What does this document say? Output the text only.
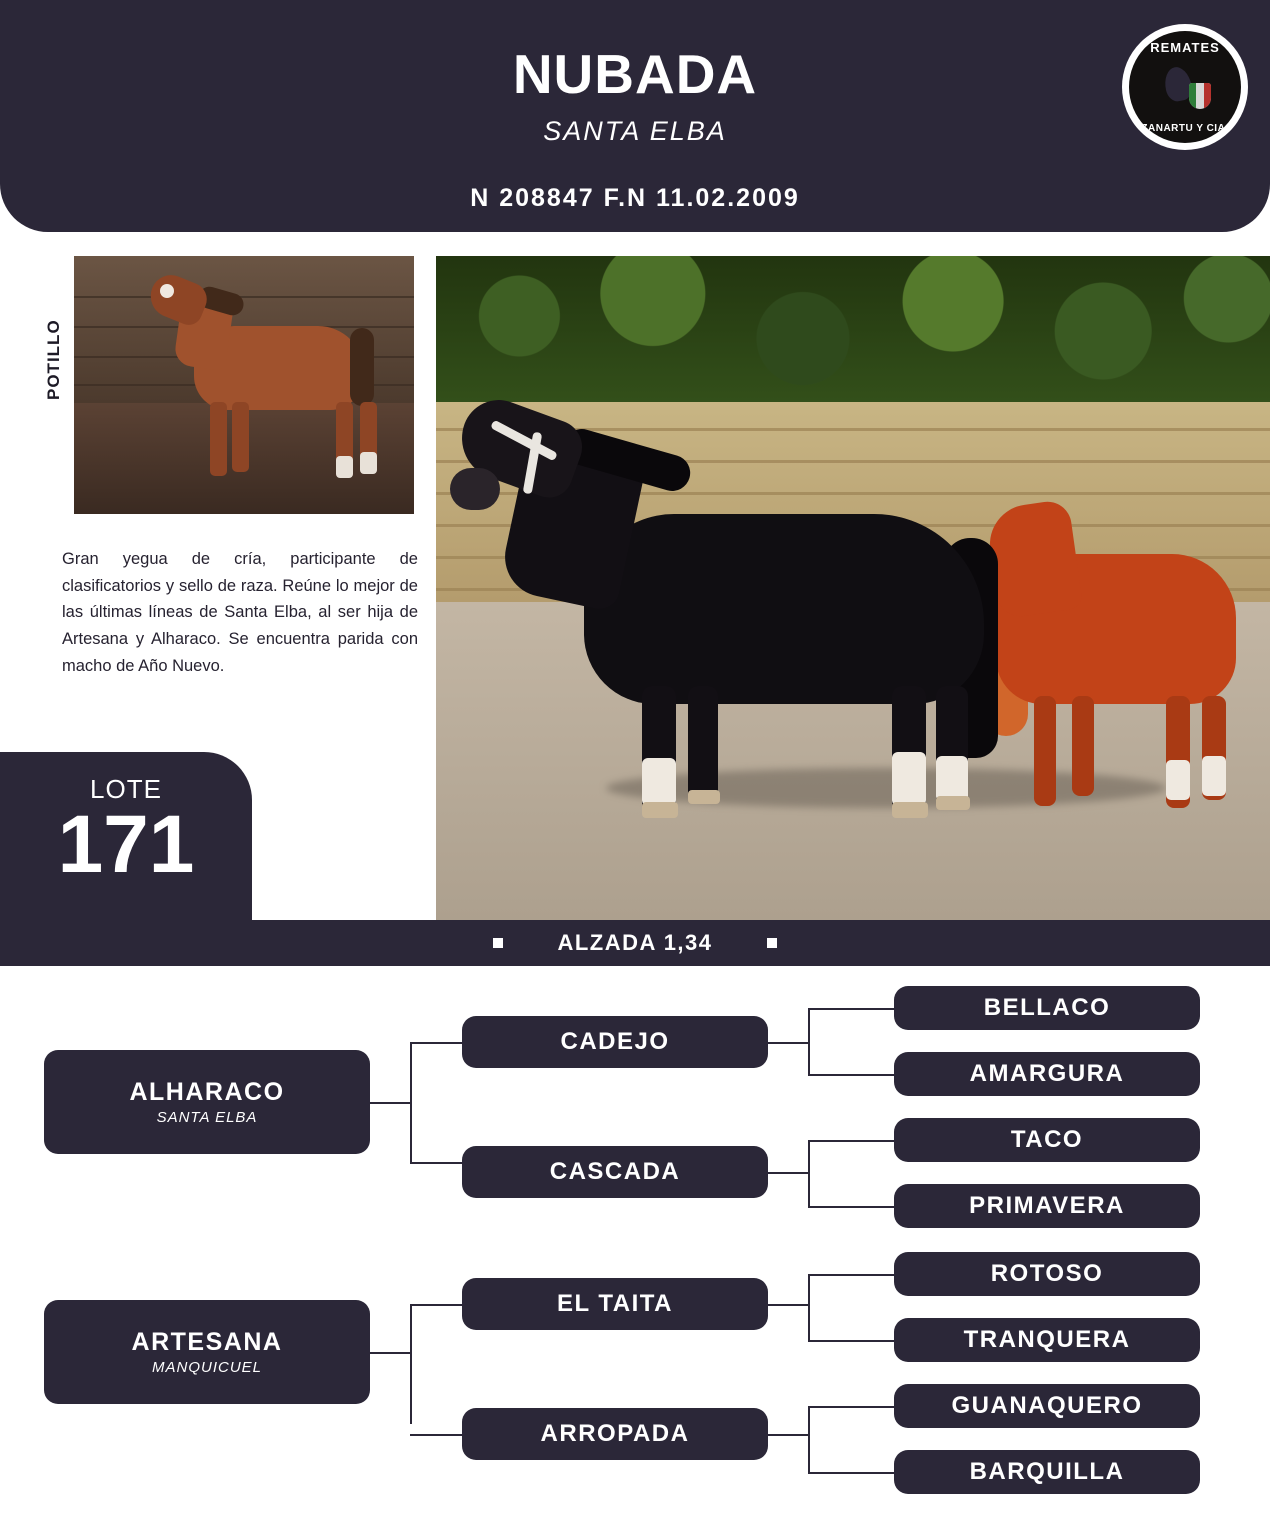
NUBADA
SANTA ELBA
N 208847 F.N 11.02.2009
REMATES
ZANARTU Y CIA.
POTILLO
Gran yegua de cría, participante de clasificatorios y sello de raza. Reúne lo mejor de las últimas líneas de Santa Elba, al ser hija de Artesana y Alharaco. Se encuentra parida con macho de Año Nuevo.
LOTE
171
ALZADA 1,34
ALHARACO
SANTA ELBA
ARTESANA
MANQUICUEL
CADEJO
CASCADA
EL TAITA
ARROPADA
BELLACO
AMARGURA
TACO
PRIMAVERA
ROTOSO
TRANQUERA
GUANAQUERO
BARQUILLA
